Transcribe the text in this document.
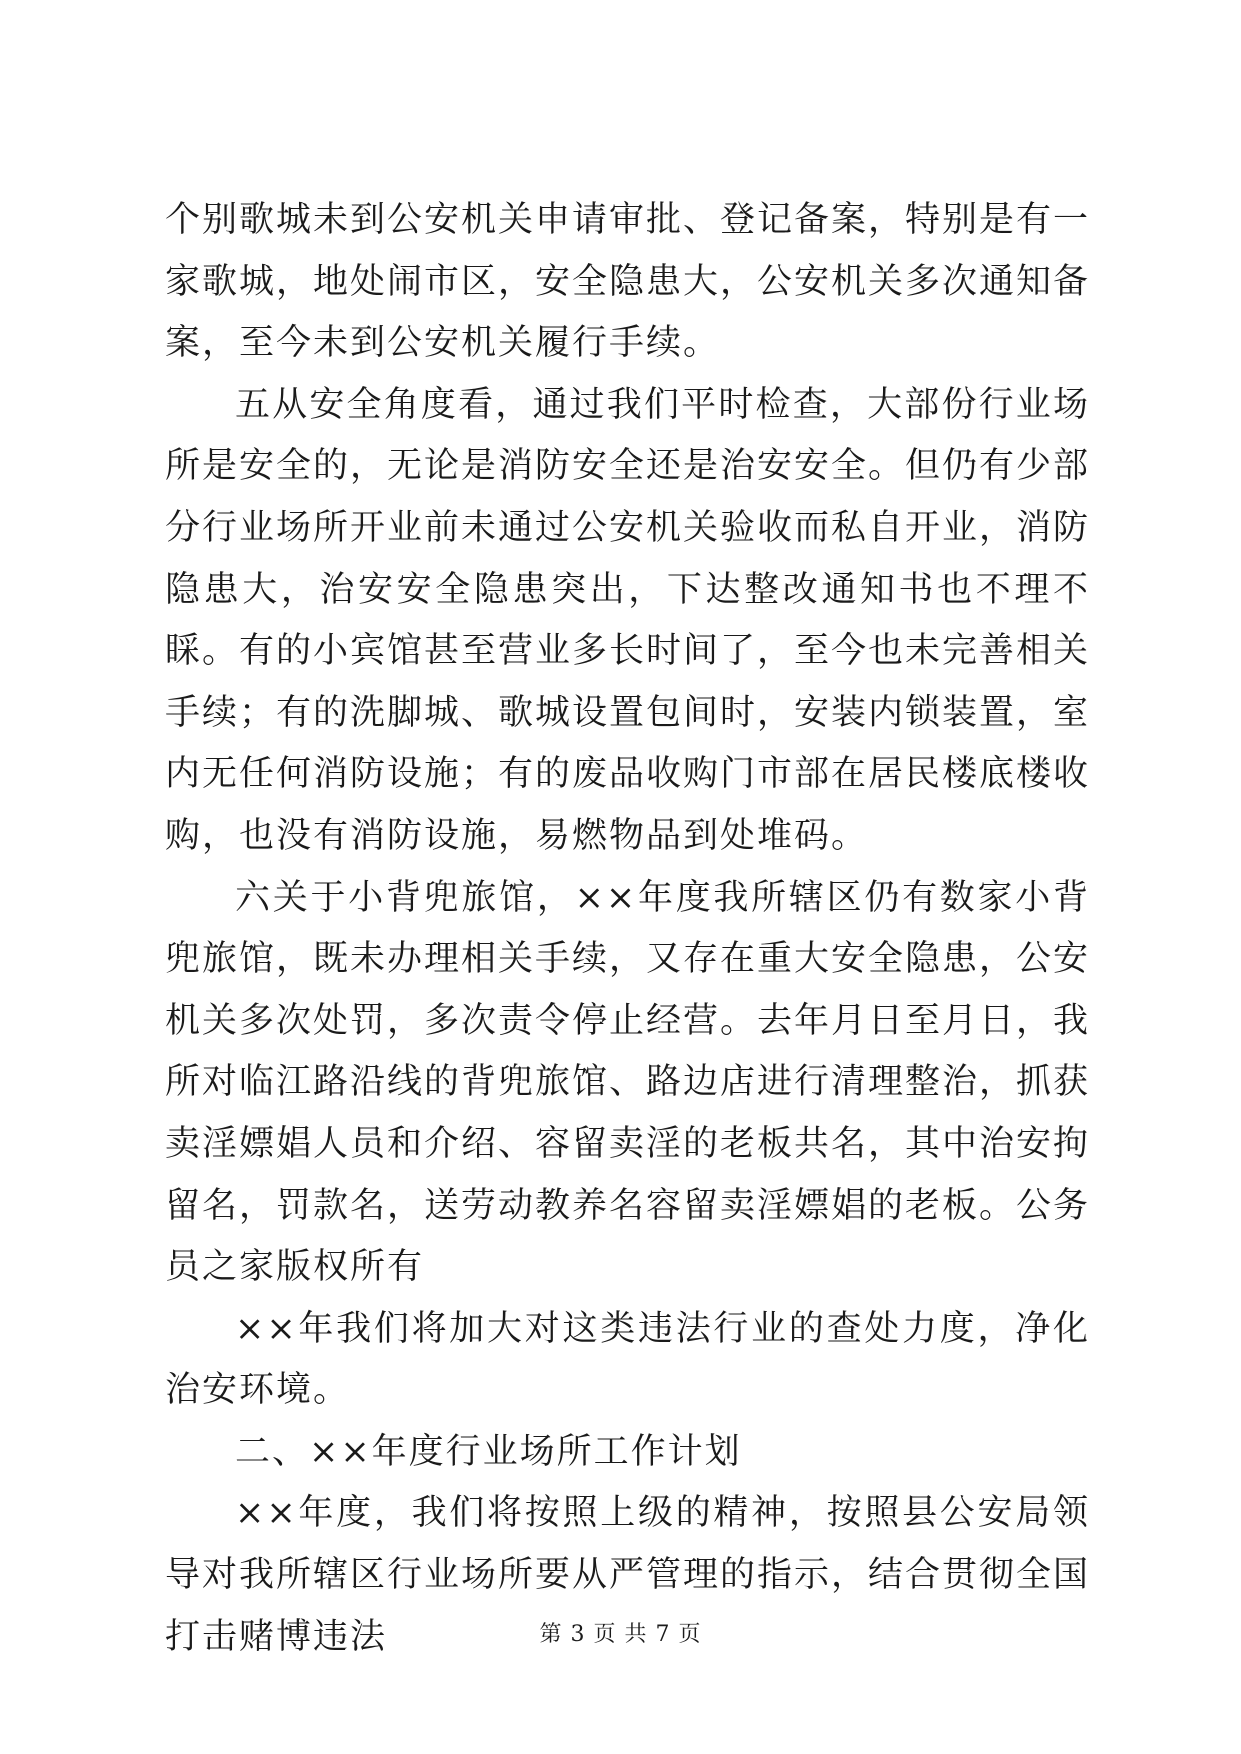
个别歌城未到公安机关申请审批、登记备案，特别是有一家歌城，地处闹市区，安全隐患大，公安机关多次通知备案，至今未到公安机关履行手续。

五从安全角度看，通过我们平时检查，大部份行业场所是安全的，无论是消防安全还是治安安全。但仍有少部分行业场所开业前未通过公安机关验收而私自开业，消防隐患大，治安安全隐患突出，下达整改通知书也不理不睬。有的小宾馆甚至营业多长时间了，至今也未完善相关手续；有的洗脚城、歌城设置包间时，安装内锁装置，室内无任何消防设施；有的废品收购门市部在居民楼底楼收购，也没有消防设施，易燃物品到处堆码。

六关于小背兜旅馆，××年度我所辖区仍有数家小背兜旅馆，既未办理相关手续，又存在重大安全隐患，公安机关多次处罚，多次责令停止经营。去年月日至月日，我所对临江路沿线的背兜旅馆、路边店进行清理整治，抓获卖淫嫖娼人员和介绍、容留卖淫的老板共名，其中治安拘留名，罚款名，送劳动教养名容留卖淫嫖娼的老板。公务员之家版权所有

××年我们将加大对这类违法行业的查处力度，净化治安环境。

二、××年度行业场所工作计划

××年度，我们将按照上级的精神，按照县公安局领导对我所辖区行业场所要从严管理的指示，结合贯彻全国打击赌博违法	第 3 页 共 7 页
